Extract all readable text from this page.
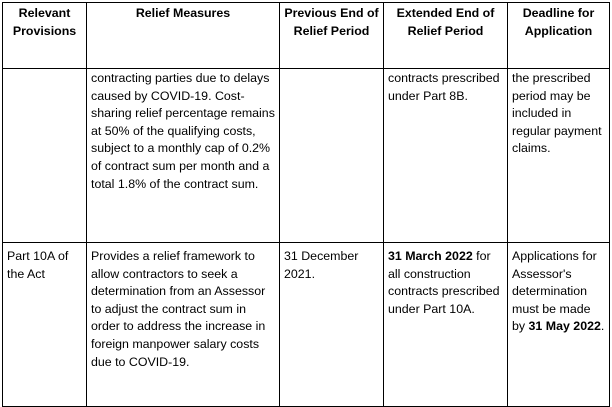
Relevant Provisions	Relief Measures	Previous End of Relief Period	Extended End of Relief Period	Deadline for Application
	contracting parties due to delays caused by COVID-19. Cost-sharing relief percentage remains at 50% of the qualifying costs, subject to a monthly cap of 0.2% of contract sum per month and a total 1.8% of the contract sum.		contracts prescribed under Part 8B.	the prescribed period may be included in regular payment claims.
Part 10A of the Act	Provides a relief framework to allow contractors to seek a determination from an Assessor to adjust the contract sum in order to address the increase in foreign manpower salary costs due to COVID-19.	31 December 2021.	31 March 2022 for all construction contracts prescribed under Part 10A.	Applications for Assessor's determination must be made by 31 May 2022.
